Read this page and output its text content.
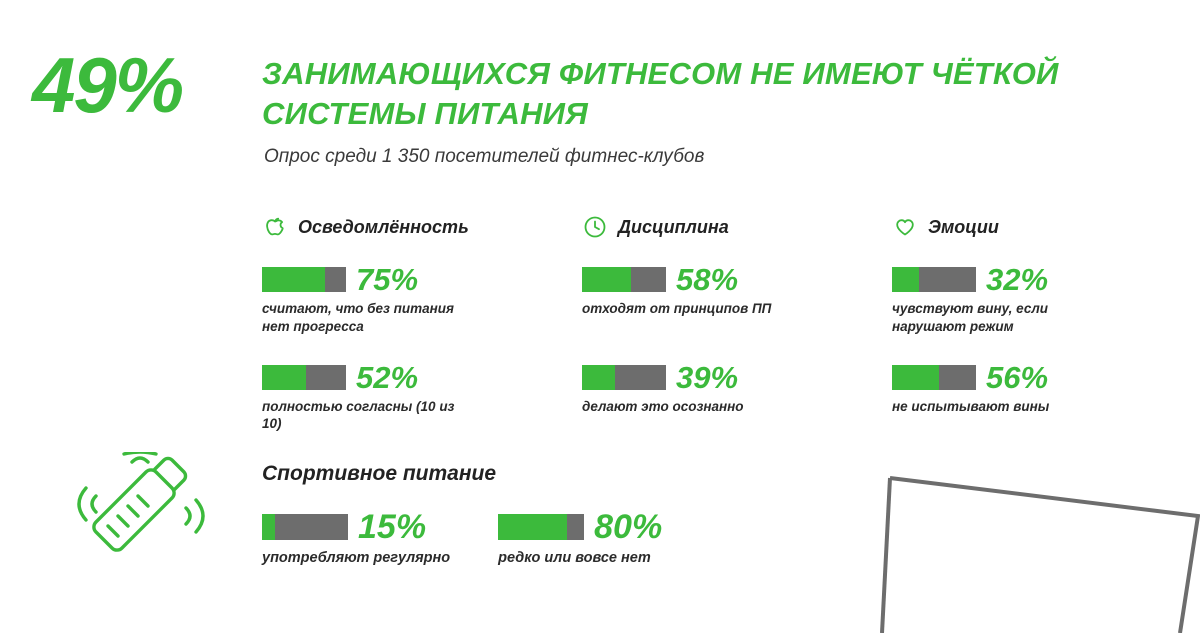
49%	ЗАНИМАЮЩИХСЯ ФИТНЕСОМ НЕ ИМЕЮТ ЧЁТКОЙ СИСТЕМЫ ПИТАНИЯ
Опрос среди 1 350 посетителей фитнес-клубов
Осведомлённость
75%
считают, что без питания нет прогресса
52%
полностью согласны (10 из 10)
Дисциплина
58%
отходят от принципов ПП
39%
делают это осознанно
Эмоции
32%
чувствуют вину, если нарушают режим
56%
не испытывают вины
Спортивное питание
15%
употребляют регулярно
80%
редко или вовсе нет
